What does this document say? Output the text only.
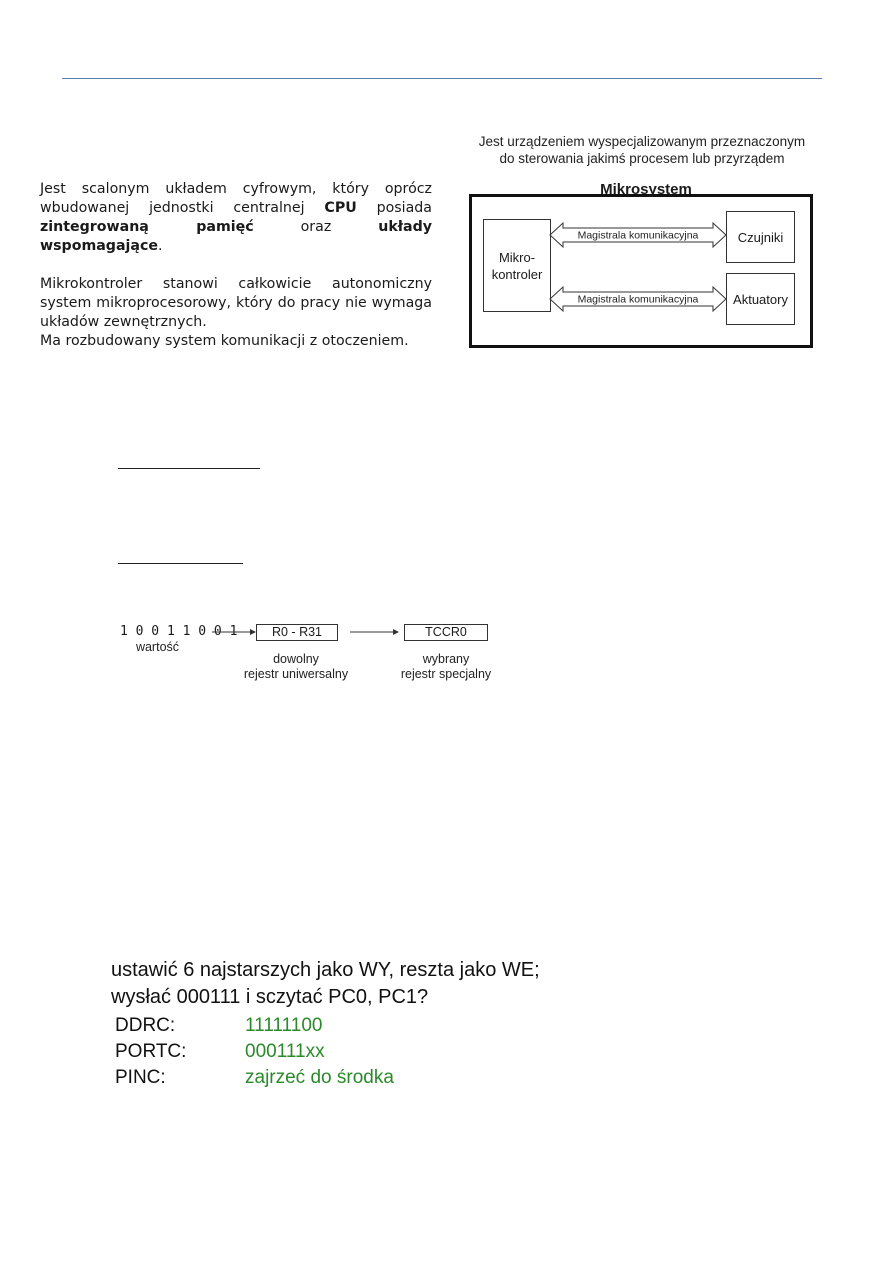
Jest scalonym układem cyfrowym, który oprócz wbudowanej jednostki centralnej CPU posiada zintegrowaną pamięć oraz układy wspomagające.

Mikrokontroler stanowi całkowicie autonomiczny system mikroprocesorowy, który do pracy nie wymaga układów zewnętrznych.

Ma rozbudowany system komunikacji z otoczeniem.

Jest urządzeniem wyspecjalizowanym przeznaczonym
do sterowania jakimś procesem lub przyrządem
Mikrosystem
Mikro-
kontroler
Czujniki
Aktuatory
Magistrala komunikacyjna
Magistrala komunikacyjna
1 0 0 1 1 0 0 1
wartość
R0 - R31
dowolny
rejestr uniwersalny
TCCR0
wybrany
rejestr specjalny
ustawić 6 najstarszych jako WY, reszta jako WE;
wysłać 000111 i sczytać PC0, PC1?
DDRC:	11111100
PORTC:	000111xx
PINC:	zajrzeć do środka
